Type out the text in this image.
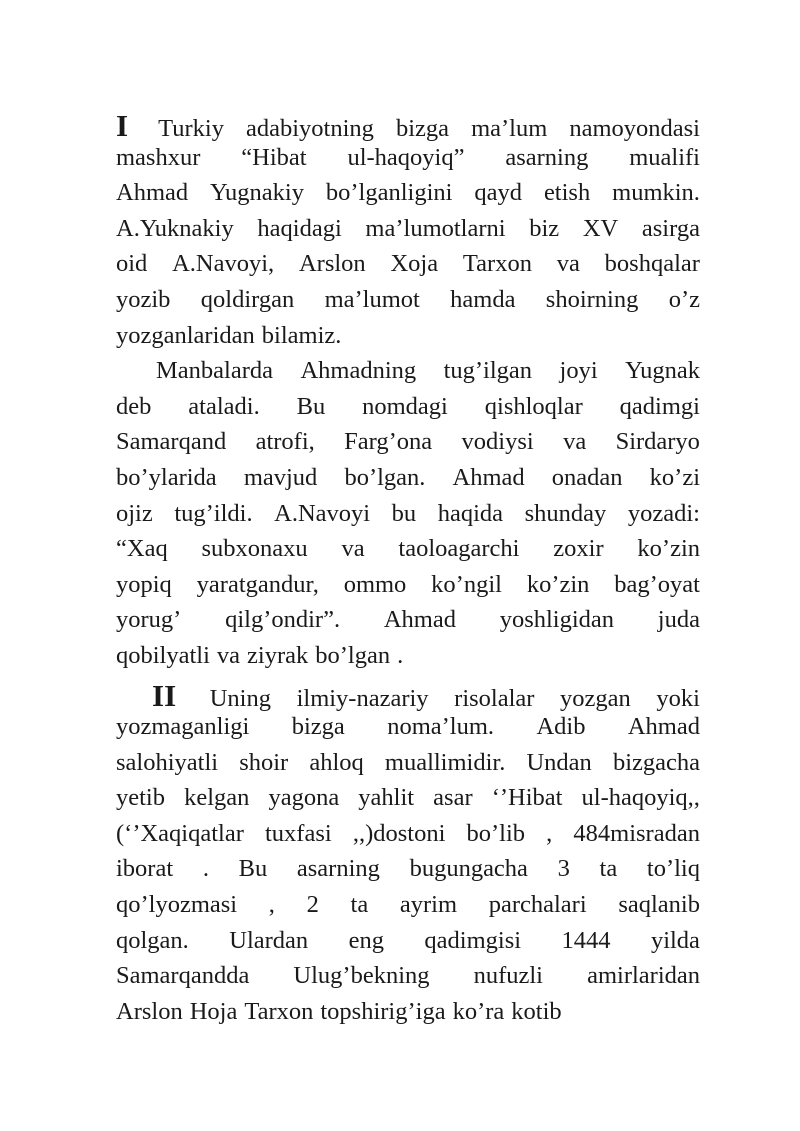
I Turkiy adabiyotning bizga ma’lum namoyondasi
mashxur “Hibat ul-haqoyiq” asarning mualifi
Ahmad Yugnakiy bo’lganligini qayd etish mumkin.
A.Yuknakiy haqidagi ma’lumotlarni biz XV asirga
oid A.Navoyi, Arslon Xoja Tarxon va boshqalar
yozib qoldirgan ma’lumot hamda shoirning o’z
yozganlaridan bilamiz.
Manbalarda Ahmadning tug’ilgan joyi Yugnak
deb ataladi. Bu nomdagi qishloqlar qadimgi
Samarqand atrofi, Farg’ona vodiysi va Sirdaryo
bo’ylarida mavjud bo’lgan. Ahmad onadan ko’zi
ojiz tug’ildi. A.Navoyi bu haqida shunday yozadi:
“Xaq subxonaxu va taoloagarchi zoxir ko’zin
yopiq yaratgandur, ommo ko’ngil ko’zin bag’oyat
yorug’ qilg’ondir”. Ahmad yoshligidan juda
qobilyatli va ziyrak bo’lgan .
II Uning ilmiy-nazariy risolalar yozgan yoki
yozmaganligi bizga noma’lum. Adib Ahmad
salohiyatli shoir ahloq muallimidir. Undan bizgacha
yetib kelgan yagona yahlit asar ‘’Hibat ul-haqoyiq,,
(‘’Xaqiqatlar tuxfasi ,,)dostoni bo’lib , 484misradan
iborat . Bu asarning bugungacha 3 ta to’liq
qo’lyozmasi , 2 ta ayrim parchalari saqlanib
qolgan. Ulardan eng qadimgisi 1444 yilda
Samarqandda Ulug’bekning nufuzli amirlaridan
Arslon Hoja Tarxon topshirig’iga ko’ra kotib
